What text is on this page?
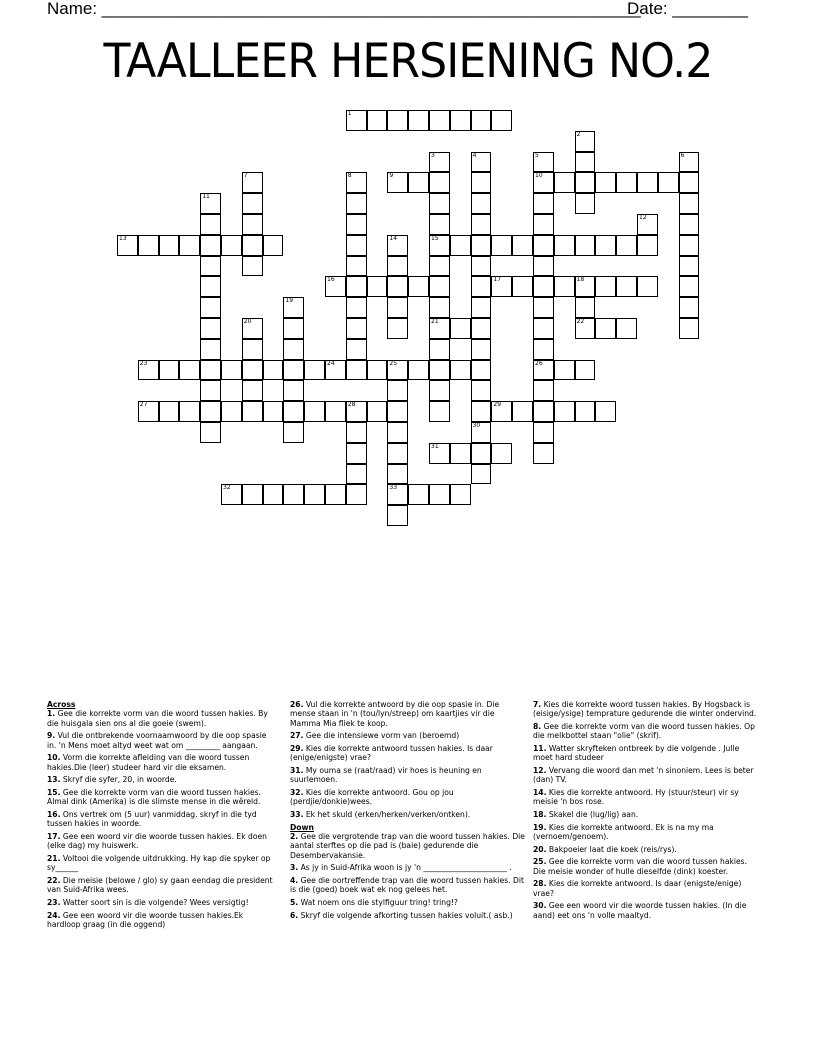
Name: _________________________________________________________
Date: ________
TAALLEER HERSIENING NO.2
1
10
9
13	15
16	17	18
21	22
23	24	25	26
27	28	29
31
32	33
2
3	4	5	6
7	8
11
12
14
19
20
30

Across

1. Gee die korrekte vorm van die woord tussen hakies. By die huisgala sien ons al die goeie (swem).

9. Vul die ontbrekende voornaamwoord by die oop spasie in. 'n Mens moet altyd weet wat om _________ aangaan.

10. Vorm die korrekte afleiding van die woord tussen hakies.Die (leer) studeer hard vir die eksamen.

13. Skryf die syfer, 20, in woorde.

15. Gee die korrekte vorm van die woord tussen hakies. Almal dink (Amerika) is die slimste mense in die wêreld.

16. Ons vertrek om (5 uur) vanmiddag. skryf in die tyd tussen hakies in woorde.

17. Gee een woord vir die woorde tussen hakies. Ek doen (elke dag) my huiswerk.

21. Voltooi die volgende uitdrukking. Hy kap die spyker op sy______

22. Die meisie (belowe / glo) sy gaan eendag die president van Suid-Afrika wees.

23. Watter soort sin is die volgende? Wees versigtig!

24. Gee een woord vir die woorde tussen hakies.Ek hardloop graag (in die oggend)

26. Vul die korrekte antwoord by die oop spasie in. Die mense staan in 'n (tou/lyn/streep) om kaartjies vir die Mamma Mia fliek te koop.

27. Gee die intensiewe vorm van (beroemd)

29. Kies die korrekte antwoord tussen hakies. Is daar (enige/enigste) vrae?

31. My ouma se (raat/raad) vir hoes is heuning en suurlemoen.

32. Kies die korrekte antwoord. Gou op jou (perdjie/donkie)wees.

33. Ek het skuld (erken/herken/verken/ontken).

Down

2. Gee die vergrotende trap van die woord tussen hakies. Die aantal sterftes op die pad is (baie) gedurende die Desembervakansie.

3. As jy in Suid-Afrika woon is jy 'n ______________________ .

4. Gee die oortreffende trap van die woord tussen hakies. Dit is die (goed) boek wat ek nog gelees het.

5. Wat noem ons die stylfiguur tring! tring!?

6. Skryf die volgende afkorting tussen hakies voluit.( asb.)

7. Kies die korrekte woord tussen hakies. By Hogsback is (eisige/ysige) temprature gedurende die winter ondervind.

8. Gee die korrekte vorm van die woord tussen hakies. Op die melkbottel staan "olie" (skrif).

11. Watter skryfteken ontbreek by die volgende . Julle moet hard studeer

12. Vervang die woord dan met 'n sinoniem. Lees is beter (dan) TV.

14. Kies die korrekte antwoord. Hy (stuur/steur) vir sy meisie 'n bos rose.

18. Skakel die (lug/lig) aan.

19. Kies die korrekte antwoord. Ek is na my ma (vernoem/genoem).

20. Bakpoeier laat die koek (reis/rys).

25. Gee die korrekte vorm van die woord tussen hakies. Die meisie wonder of hulle dieselfde (dink) koester.

28. Kies die korrekte antwoord. Is daar (enigste/enige) vrae?

30. Gee een woord vir die woorde tussen hakies. (In die aand) eet ons 'n volle maaltyd.
